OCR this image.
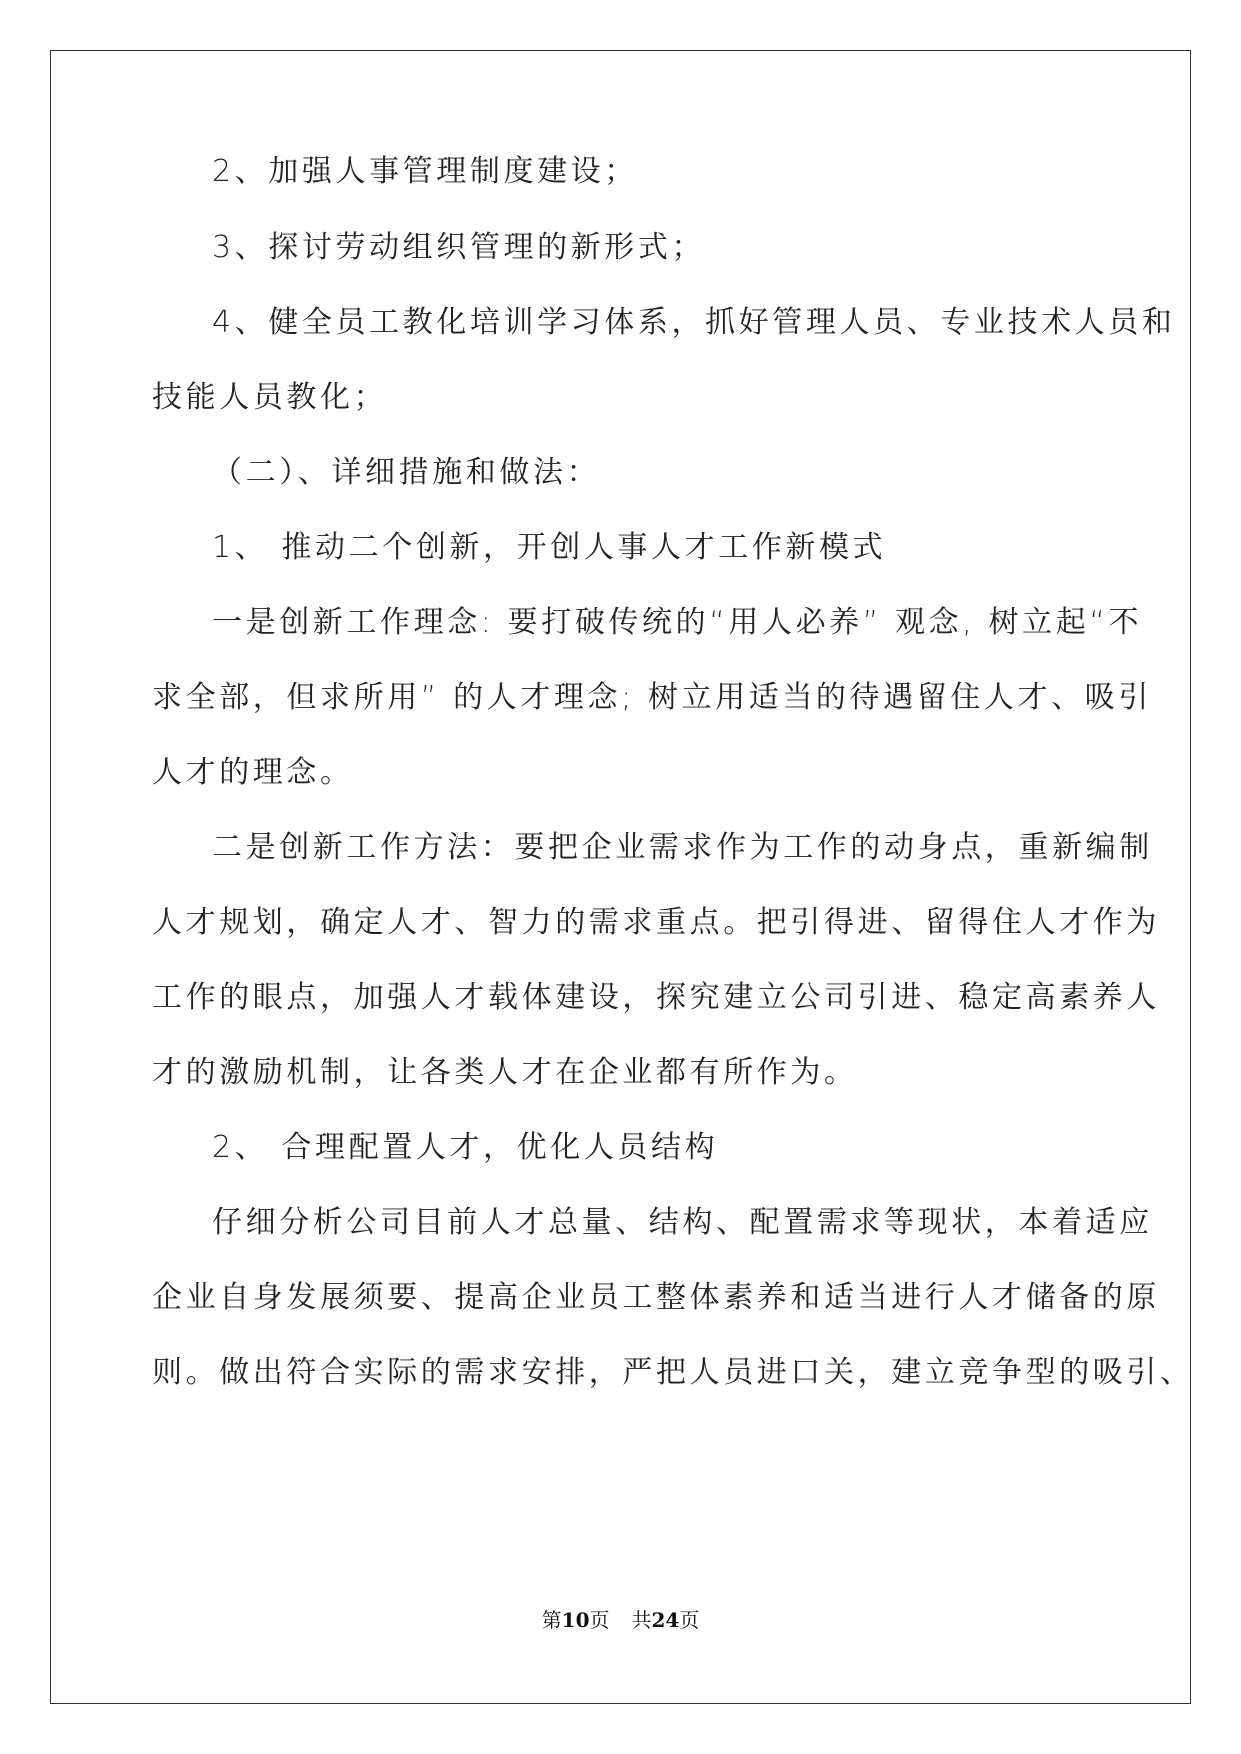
2、加强人事管理制度建设；
3、探讨劳动组织管理的新形式；
4、健全员工教化培训学习体系，抓好管理人员、专业技术人员和
技能人员教化；
（二）、详细措施和做法：
1、 推动二个创新，开创人事人才工作新模式
一是创新工作理念: 要打破传统的“用人必养” 观念, 树立起“不
求全部，但求所用” 的人才理念; 树立用适当的待遇留住人才、吸引
人才的理念。
二是创新工作方法：要把企业需求作为工作的动身点，重新编制
人才规划，确定人才、智力的需求重点。把引得进、留得住人才作为
工作的眼点，加强人才载体建设，探究建立公司引进、稳定高素养人
才的激励机制，让各类人才在企业都有所作为。
2、 合理配置人才，优化人员结构
仔细分析公司目前人才总量、结构、配置需求等现状，本着适应
企业自身发展须要、提高企业员工整体素养和适当进行人才储备的原
则。做出符合实际的需求安排，严把人员进口关，建立竞争型的吸引、
第10页 共24页
